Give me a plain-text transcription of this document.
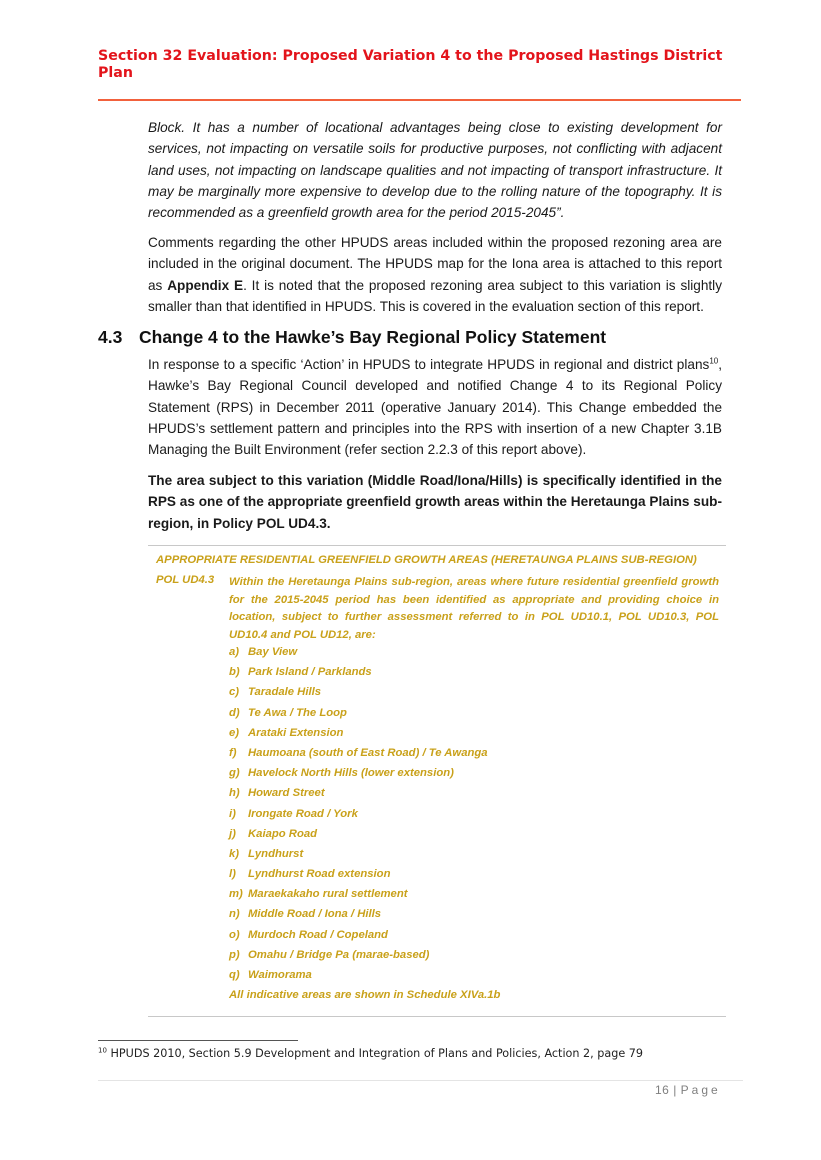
Section 32 Evaluation: Proposed Variation 4 to the Proposed Hastings District Plan
Block. It has a number of locational advantages being close to existing development for services, not impacting on versatile soils for productive purposes, not conflicting with adjacent land uses, not impacting on landscape qualities and not impacting of transport infrastructure. It may be marginally more expensive to develop due to the rolling nature of the topography. It is recommended as a greenfield growth area for the period 2015-2045”.
Comments regarding the other HPUDS areas included within the proposed rezoning area are included in the original document. The HPUDS map for the Iona area is attached to this report as Appendix E. It is noted that the proposed rezoning area subject to this variation is slightly smaller than that identified in HPUDS. This is covered in the evaluation section of this report.
4.3 Change 4 to the Hawke’s Bay Regional Policy Statement
In response to a specific ‘Action’ in HPUDS to integrate HPUDS in regional and district plans$^{10}$, Hawke’s Bay Regional Council developed and notified Change 4 to its Regional Policy Statement (RPS) in December 2011 (operative January 2014). This Change embedded the HPUDS’s settlement pattern and principles into the RPS with insertion of a new Chapter 3.1B Managing the Built Environment (refer section 2.2.3 of this report above).
The area subject to this variation (Middle Road/Iona/Hills) is specifically identified in the RPS as one of the appropriate greenfield growth areas within the Heretaunga Plains sub-region, in Policy POL UD4.3.
APPROPRIATE RESIDENTIAL GREENFIELD GROWTH AREAS (HERETAUNGA PLAINS SUB-REGION)
POL UD4.3 Within the Heretaunga Plains sub-region, areas where future residential greenfield growth for the 2015-2045 period has been identified as appropriate and providing choice in location, subject to further assessment referred to in POL UD10.1, POL UD10.3, POL UD10.4 and POL UD12, are:
a) Bay View
b) Park Island / Parklands
c) Taradale Hills
d) Te Awa / The Loop
e) Arataki Extension
f) Haumoana (south of East Road) / Te Awanga
g) Havelock North Hills (lower extension)
h) Howard Street
i) Irongate Road / York
j) Kaiapo Road
k) Lyndhurst
l) Lyndhurst Road extension
m) Maraekakaho rural settlement
n) Middle Road / Iona / Hills
o) Murdoch Road / Copeland
p) Omahu / Bridge Pa (marae-based)
q) Waimorama
All indicative areas are shown in Schedule XIVa.1b
$^{10}$ HPUDS 2010, Section 5.9 Development and Integration of Plans and Policies, Action 2, page 79
16 | Page
